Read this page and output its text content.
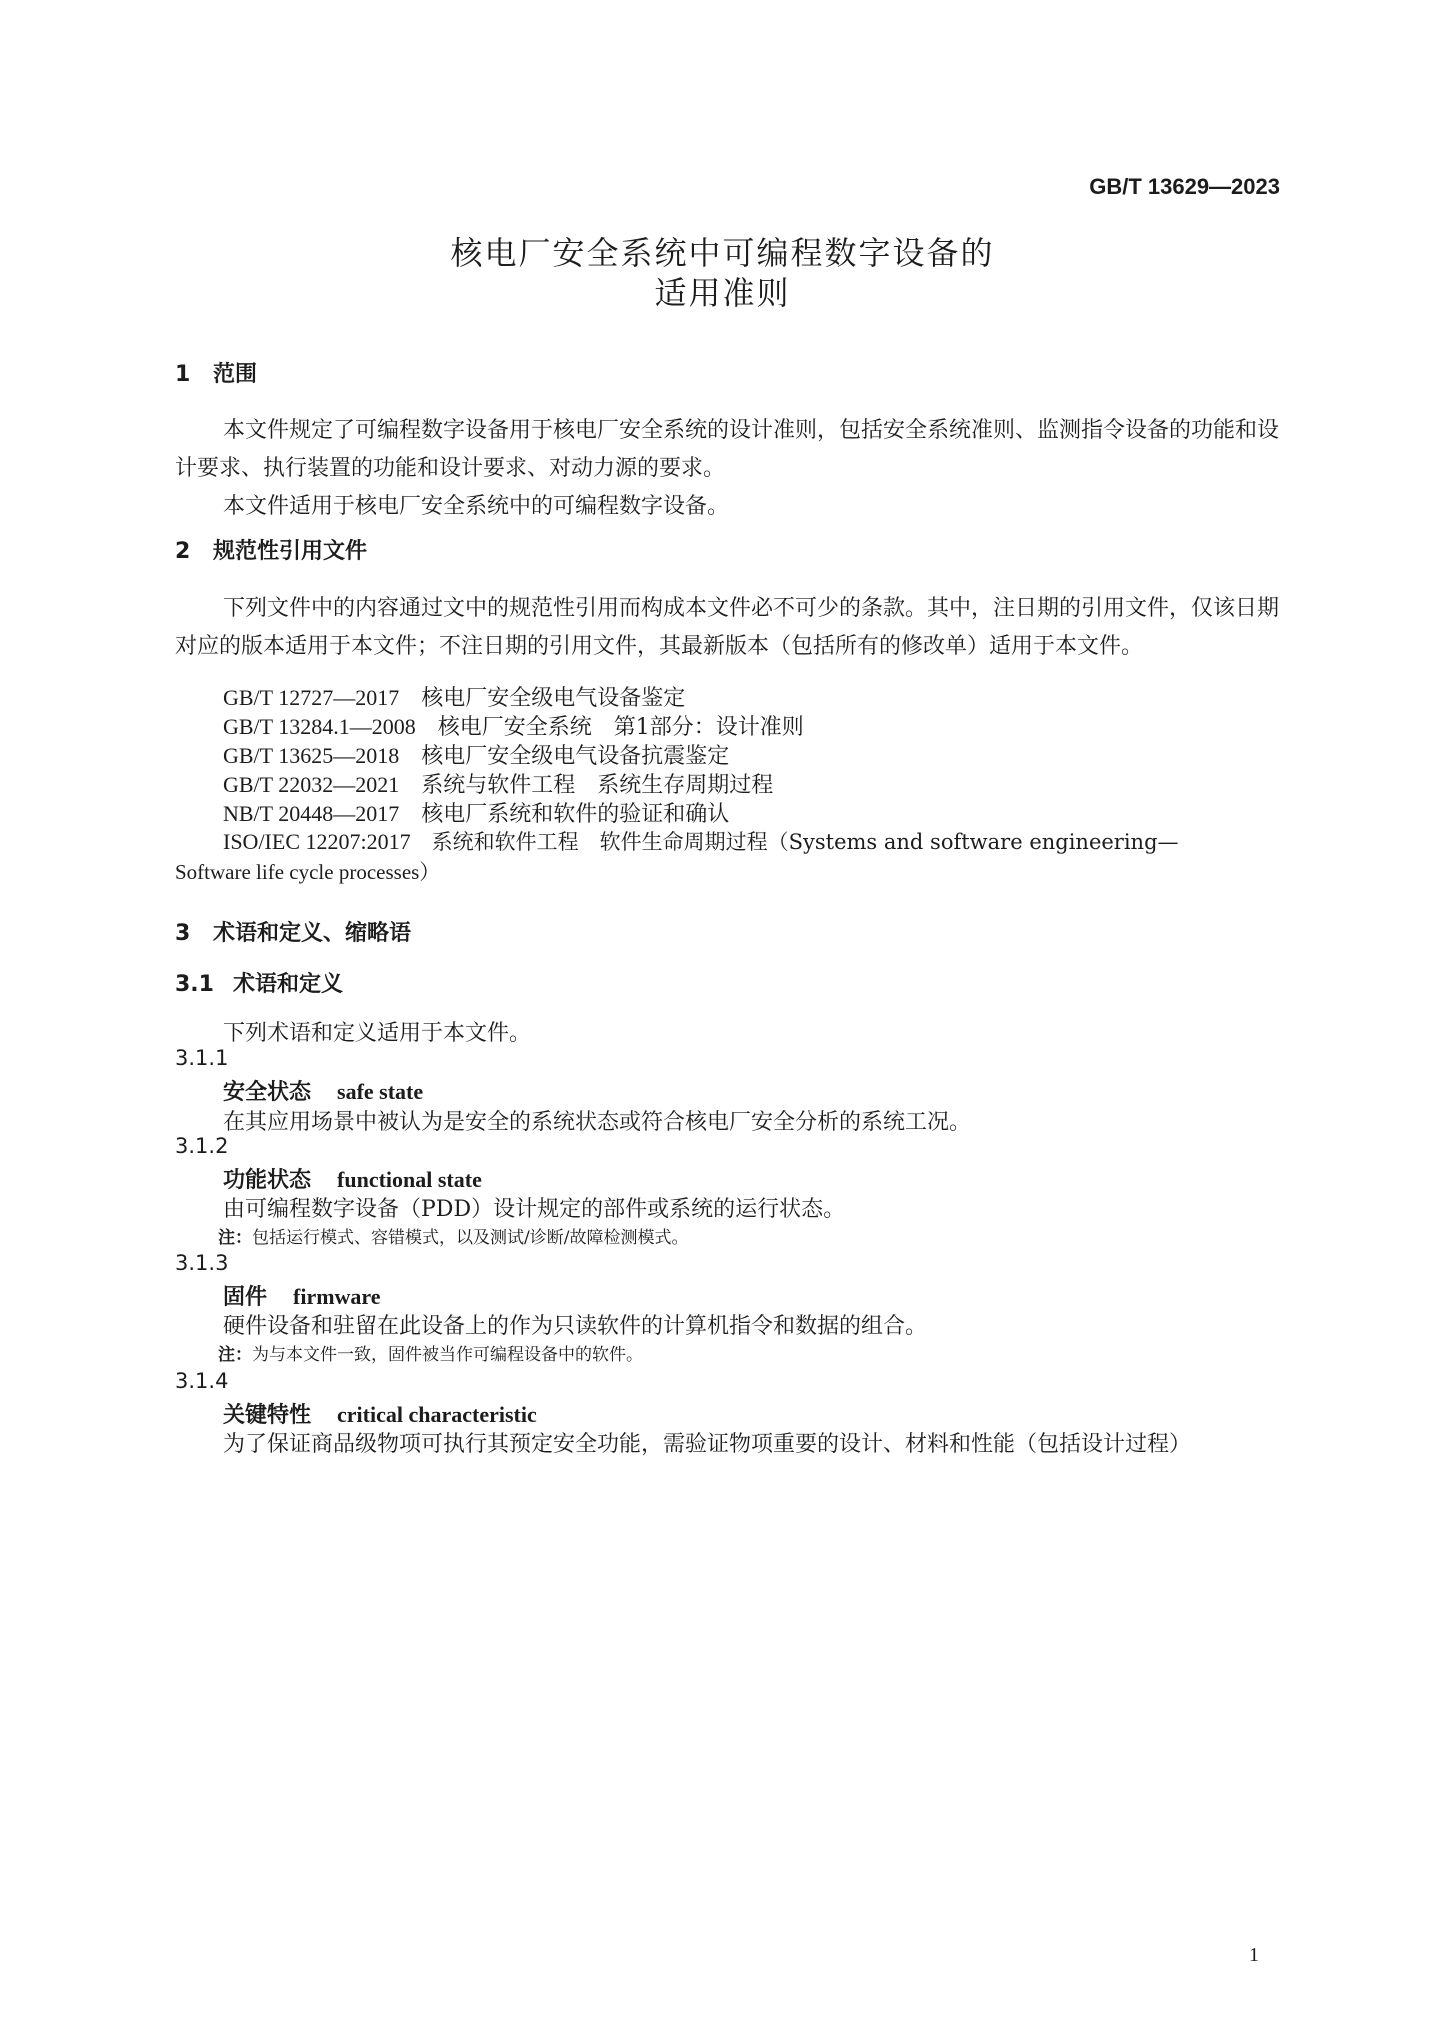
GB/T 13629—2023
核电厂安全系统中可编程数字设备的
适用准则
1 范围
本文件规定了可编程数字设备用于核电厂安全系统的设计准则，包括安全系统准则、监测指令设备的功能和设计要求、执行装置的功能和设计要求、对动力源的要求。
本文件适用于核电厂安全系统中的可编程数字设备。
2 规范性引用文件
下列文件中的内容通过文中的规范性引用而构成本文件必不可少的条款。其中，注日期的引用文件，仅该日期对应的版本适用于本文件；不注日期的引用文件，其最新版本（包括所有的修改单）适用于本文件。
GB/T 12727—2017　 核电厂安全级电气设备鉴定
GB/T 13284.1—2008　 核电厂安全系统　第1部分：设计准则
GB/T 13625—2018　 核电厂安全级电气设备抗震鉴定
GB/T 22032—2021　 系统与软件工程　系统生存周期过程
NB/T 20448—2017　 核电厂系统和软件的验证和确认
ISO/IEC 12207:2017　 系统和软件工程　软件生命周期过程（Systems and software engineering—
Software life cycle processes）
3 术语和定义、缩略语
3.1 术语和定义
下列术语和定义适用于本文件。
3.1.1
安全状态 safe state
在其应用场景中被认为是安全的系统状态或符合核电厂安全分析的系统工况。
3.1.2
功能状态 functional state
由可编程数字设备（PDD）设计规定的部件或系统的运行状态。
注：包括运行模式、容错模式，以及测试/诊断/故障检测模式。
3.1.3
固件 firmware
硬件设备和驻留在此设备上的作为只读软件的计算机指令和数据的组合。
注：为与本文件一致，固件被当作可编程设备中的软件。
3.1.4
关键特性 critical characteristic
为了保证商品级物项可执行其预定安全功能，需验证物项重要的设计、材料和性能（包括设计过程）
1
